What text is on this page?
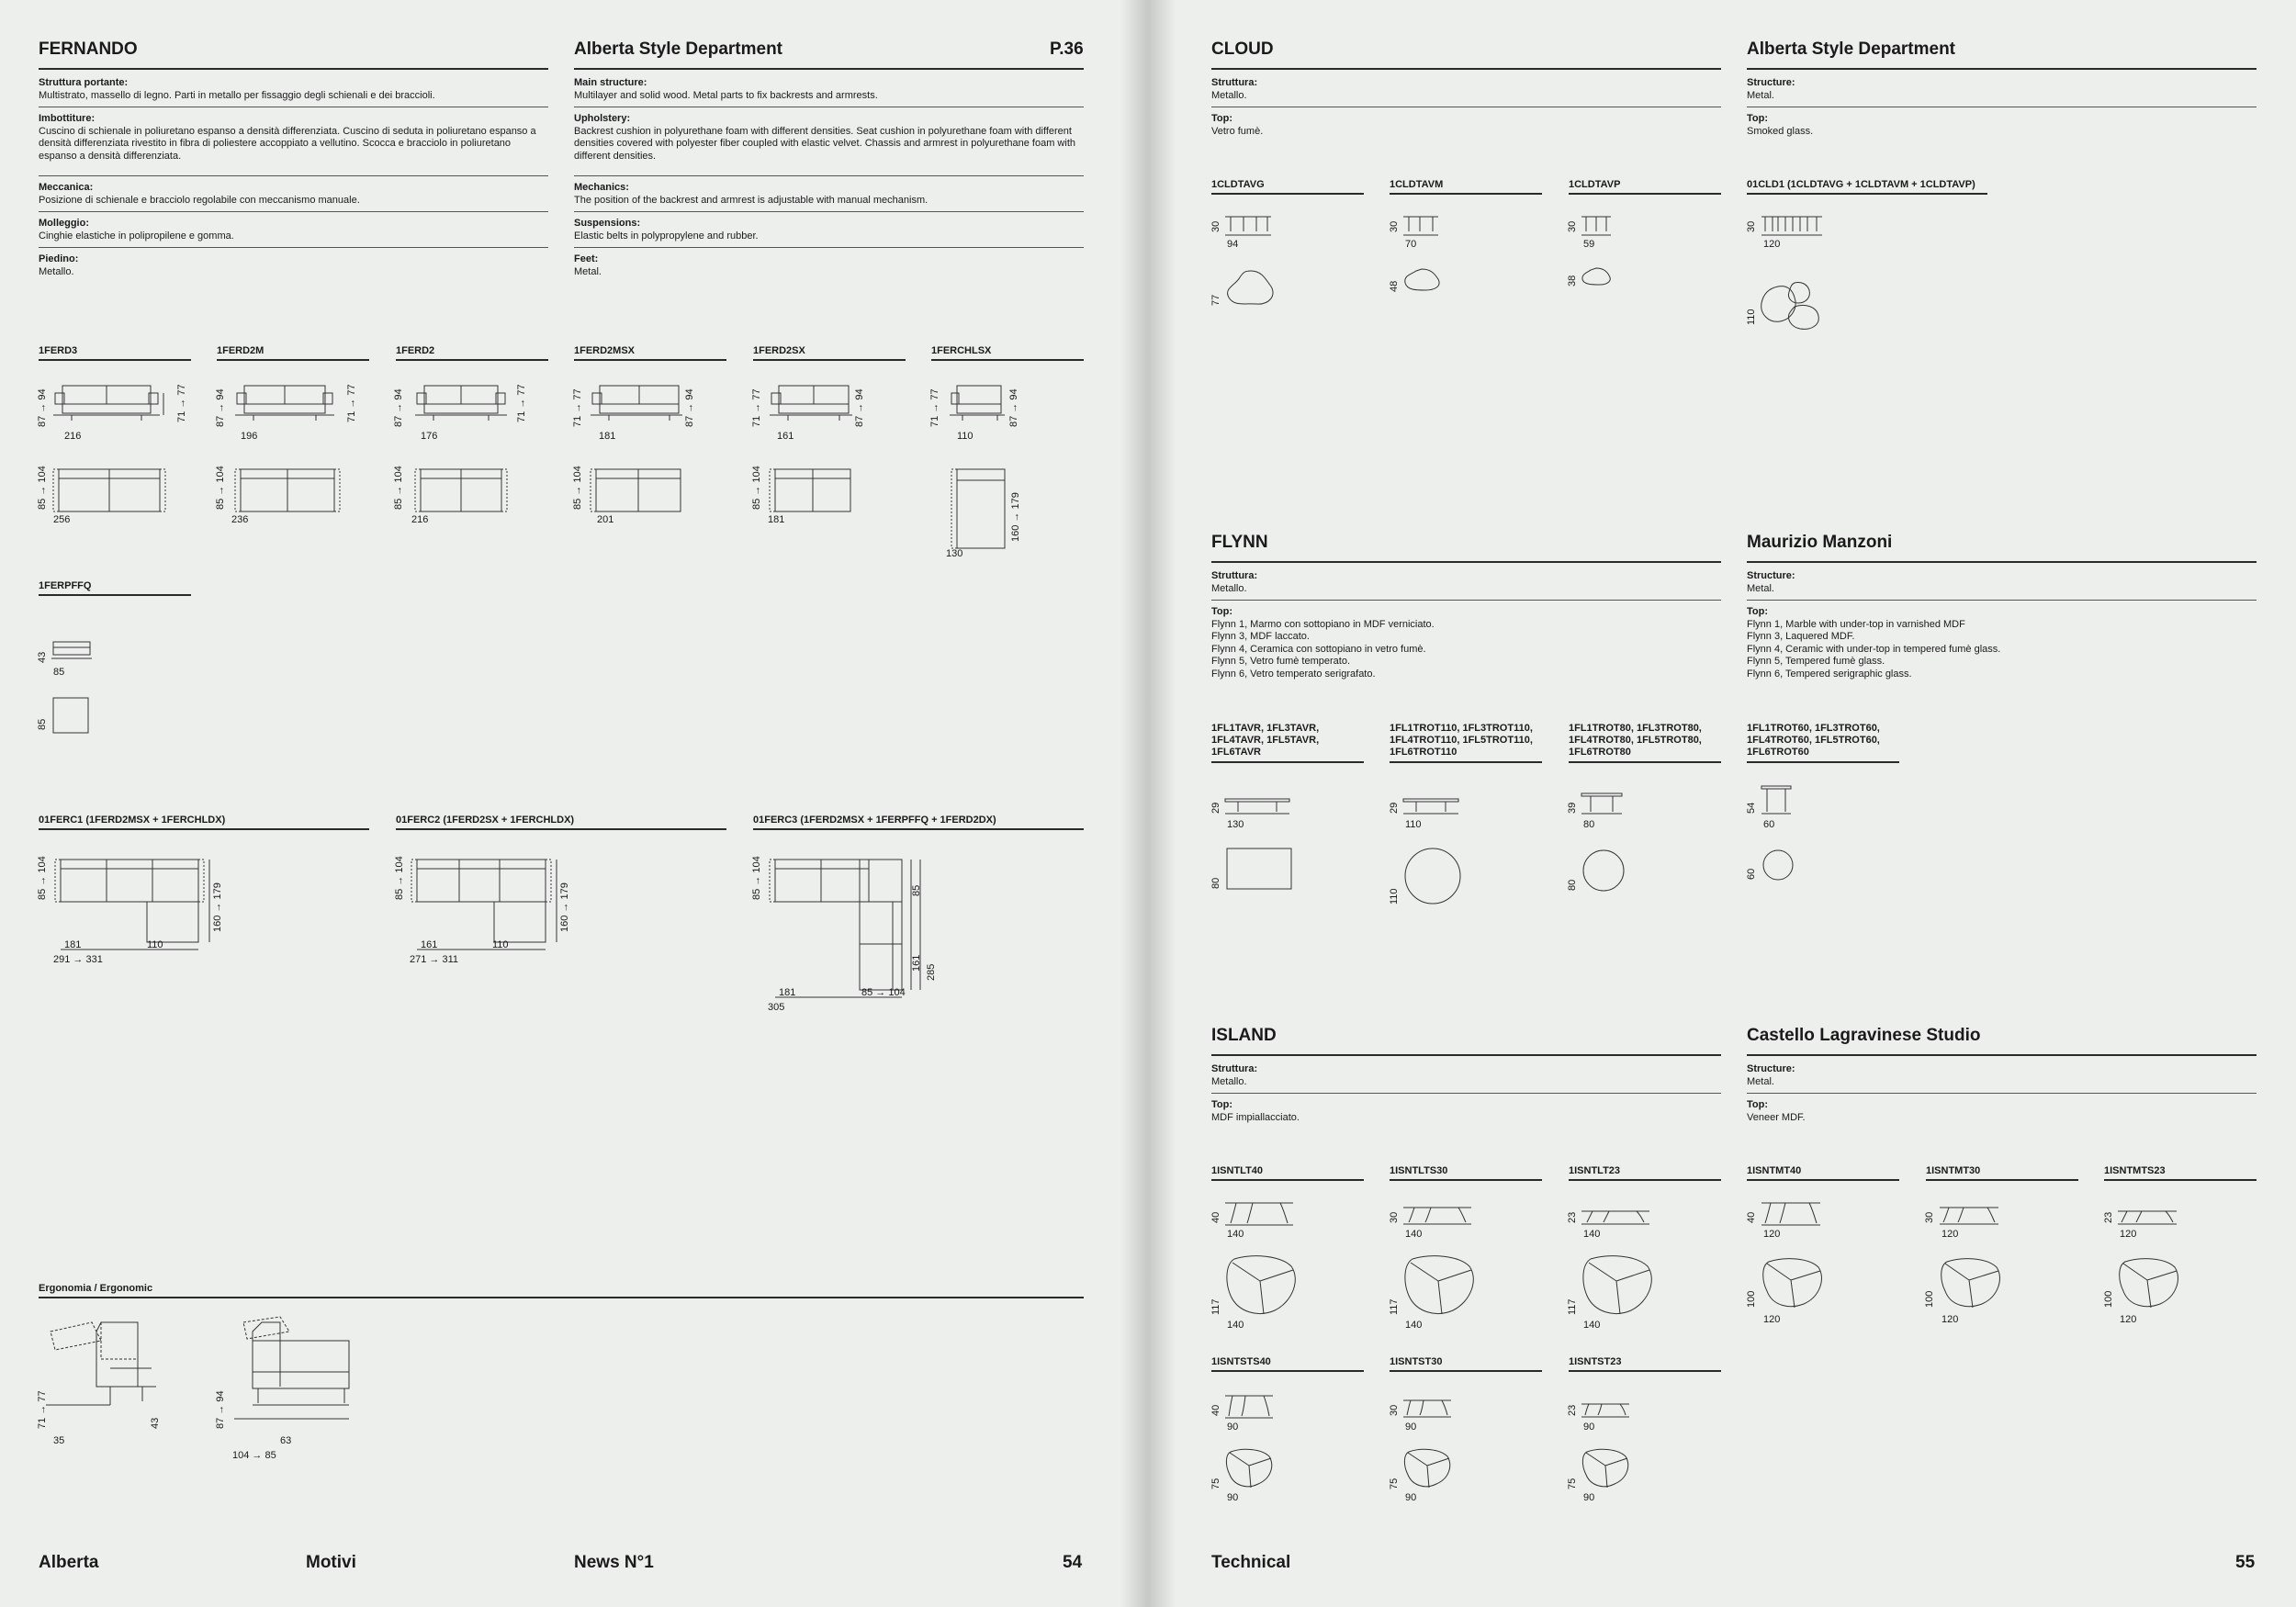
FERNANDO	Alberta Style Department	P.36
Struttura portante:
Multistrato, massello di legno. Parti in metallo per fissaggio degli schienali e dei braccioli.
Imbottiture:
Cuscino di schienale in poliuretano espanso a densità differenziata. Cuscino di seduta in poliuretano espanso a densità differenziata rivestito in fibra di poliestere accoppiato a vellutino. Scocca e bracciolo in poliuretano espanso a densità differenziata.
Meccanica:
Posizione di schienale e bracciolo regolabile con meccanismo manuale.
Molleggio:
Cinghie elastiche in polipropilene e gomma.
Piedino:
Metallo.
Main structure:
Multilayer and solid wood. Metal parts to fix backrests and armrests.
Upholstery:
Backrest cushion in polyurethane foam with different densities. Seat cushion in polyurethane foam with different densities covered with polyester fiber coupled with elastic velvet. Chassis and armrest in polyurethane foam with different densities.
Mechanics:
The position of the backrest and armrest is adjustable with manual mechanism.
Suspensions:
Elastic belts in polypropylene and rubber.
Feet:
Metal.
1FERD3	1FERD2M	1FERD2	1FERD2MSX	1FERD2SX	1FERCHLSX
87 → 94	71 → 77
216
85 → 104
256
87 → 94	71 → 77
196
85 → 104
236
87 → 94	71 → 77
176
85 → 104
216
71 → 77	87 → 94
181
85 → 104
201
71 → 77	87 → 94
161
85 → 104
181
71 → 77	87 → 94
110
160 → 179
130
1FERPFFQ
43
85
85
01FERC1 (1FERD2MSX + 1FERCHLDX)	01FERC2 (1FERD2SX + 1FERCHLDX)	01FERC3 (1FERD2MSX + 1FERPFFQ + 1FERD2DX)
85 → 104
160 → 179
181	110
291 → 331
85 → 104
160 → 179
161	110
271 → 311
85 → 104	85
161
285
181	85 → 104
305
Ergonomia / Ergonomic
71 → 77	43
35
87 → 94
63
104 → 85
Alberta	Motivi	News N°1	54
CLOUD	Alberta Style Department
Struttura:
Metallo.
Top:
Vetro fumè.
Structure:
Metal.
Top:
Smoked glass.
1CLDTAVG	1CLDTAVM	1CLDTAVP	01CLD1 (1CLDTAVG + 1CLDTAVM + 1CLDTAVP)
30
94
77
30
70
48
30
59
38
30
120
110
FLYNN	Maurizio Manzoni
Struttura:
Metallo.
Top:
Flynn 1, Marmo con sottopiano in MDF verniciato.
Flynn 3, MDF laccato.
Flynn 4, Ceramica con sottopiano in vetro fumè.
Flynn 5, Vetro fumè temperato.
Flynn 6, Vetro temperato serigrafato.
Structure:
Metal.
Top:
Flynn 1, Marble with under-top in varnished MDF
Flynn 3, Laquered MDF.
Flynn 4, Ceramic with under-top in tempered fumè glass.
Flynn 5, Tempered fumè glass.
Flynn 6, Tempered serigraphic glass.
1FL1TAVR, 1FL3TAVR,
1FL4TAVR, 1FL5TAVR,
1FL6TAVR
1FL1TROT110, 1FL3TROT110,
1FL4TROT110, 1FL5TROT110,
1FL6TROT110
1FL1TROT80, 1FL3TROT80,
1FL4TROT80, 1FL5TROT80,
1FL6TROT80
1FL1TROT60, 1FL3TROT60,
1FL4TROT60, 1FL5TROT60,
1FL6TROT60
29
130
80
29
110
110
39
80
80
54
60
60
ISLAND	Castello Lagravinese Studio
Struttura:
Metallo.
Top:
MDF impiallacciato.
Structure:
Metal.
Top:
Veneer MDF.
1ISNTLT40	1ISNTLTS30	1ISNTLT23	1ISNTMT40	1ISNTMT30	1ISNTMTS23
40
140
117
140
30
140
117
140
23
140
117
140
40
120
100
120
30
120
100
120
23
120
100
120
1ISNTSTS40	1ISNTST30	1ISNTST23
40
90
75
90
30
90
75
90
23
90
75
90
Technical	55
